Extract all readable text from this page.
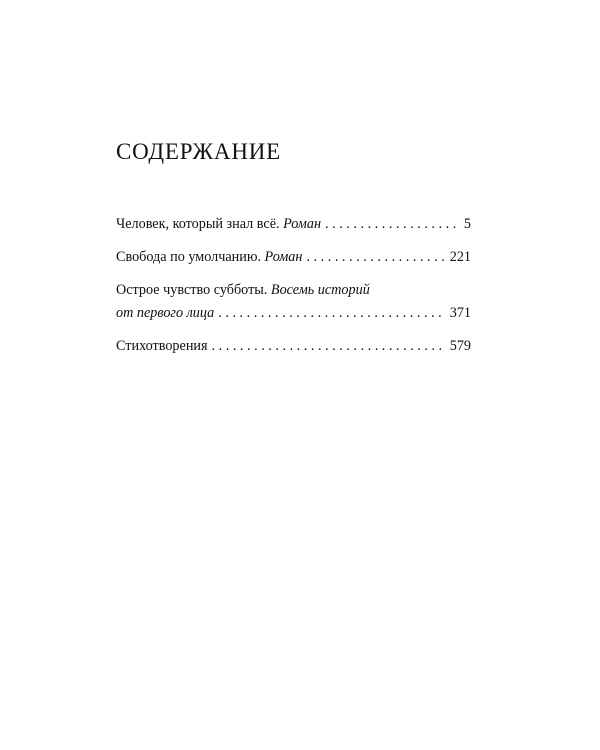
СОДЕРЖАНИЕ
Человек, который знал всё. Роман . . .	5
Свобода по умолчанию. Роман . . .	221
Острое чувство субботы. Восемь историй
от первого лица . . .	371
Стихотворения . . .	579
